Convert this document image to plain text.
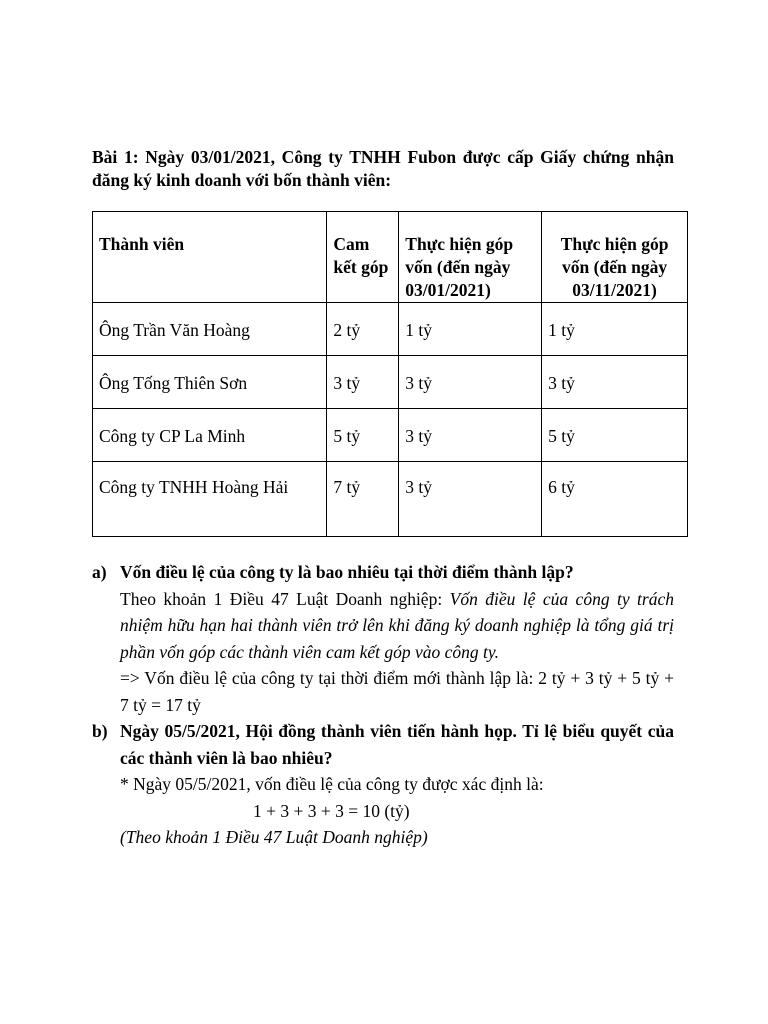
Bài 1: Ngày 03/01/2021, Công ty TNHH Fubon được cấp Giấy chứng nhận đăng ký kinh doanh với bốn thành viên:

Thành viên	Cam kết góp	Thực hiện góp vốn (đến ngày 03/01/2021)	Thực hiện góp vốn (đến ngày 03/11/2021)
Ông Trần Văn Hoàng	2 tỷ	1 tỷ	1 tỷ
Ông Tống Thiên Sơn	3 tỷ	3 tỷ	3 tỷ
Công ty CP La Minh	5 tỷ	3 tỷ	5 tỷ
Công ty TNHH Hoàng Hải	7 tỷ	3 tỷ	6 tỷ
a) Vốn điều lệ của công ty là bao nhiêu tại thời điểm thành lập?
Theo khoản 1 Điều 47 Luật Doanh nghiệp: Vốn điều lệ của công ty trách nhiệm hữu hạn hai thành viên trở lên khi đăng ký doanh nghiệp là tổng giá trị phần vốn góp các thành viên cam kết góp vào công ty.
=> Vốn điều lệ của công ty tại thời điểm mới thành lập là: 2 tỷ + 3 tỷ + 5 tỷ + 7 tỷ = 17 tỷ
b) Ngày 05/5/2021, Hội đồng thành viên tiến hành họp. Tỉ lệ biểu quyết của các thành viên là bao nhiêu?
* Ngày 05/5/2021, vốn điều lệ của công ty được xác định là:
1 + 3 + 3 + 3 = 10 (tỷ)
(Theo khoản 1 Điều 47 Luật Doanh nghiệp)
